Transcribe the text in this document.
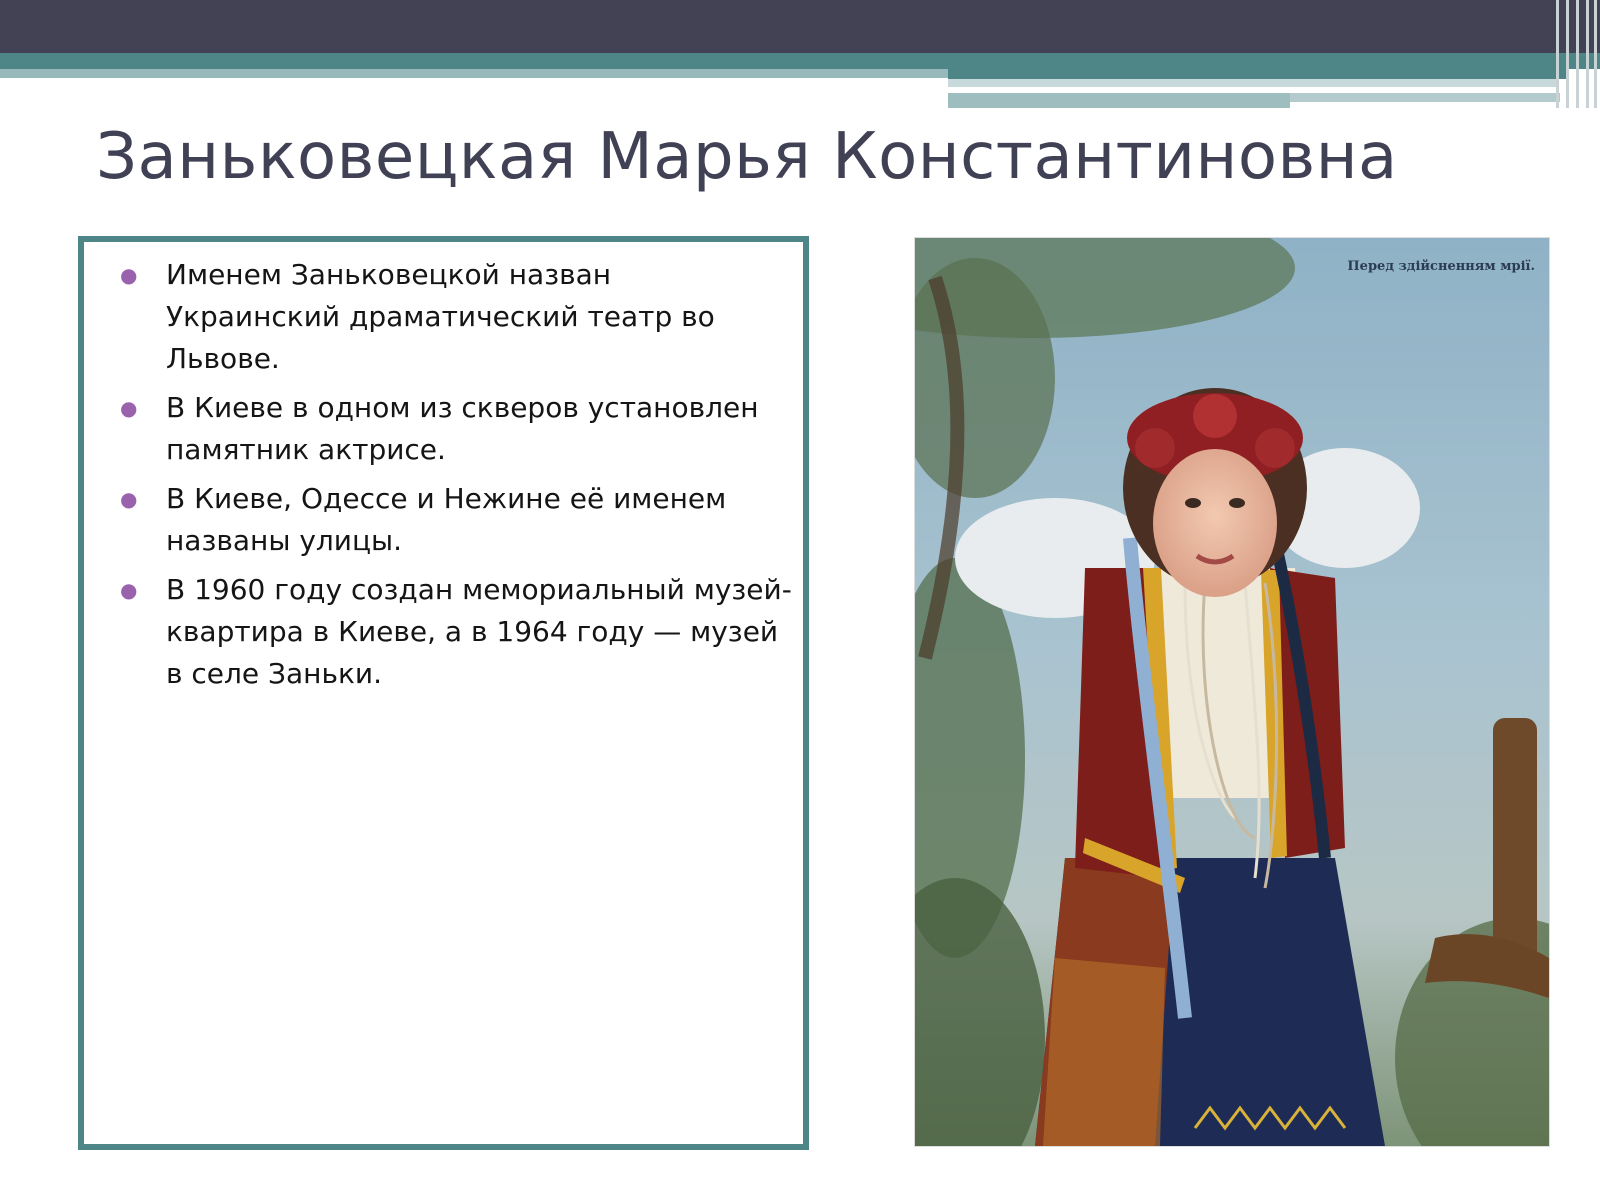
Заньковецкая Марья Константиновна
● Именем Заньковецкой назван Украинский драматический театр во Львове.
● В Киеве в одном из скверов установлен памятник актрисе.
● В Киеве, Одессе и Нежине её именем названы улицы.
● В 1960 году создан мемориальный музей-квартира в Киеве, а в 1964 году — музей в селе Заньки.
Перед здійсненням мрії.
